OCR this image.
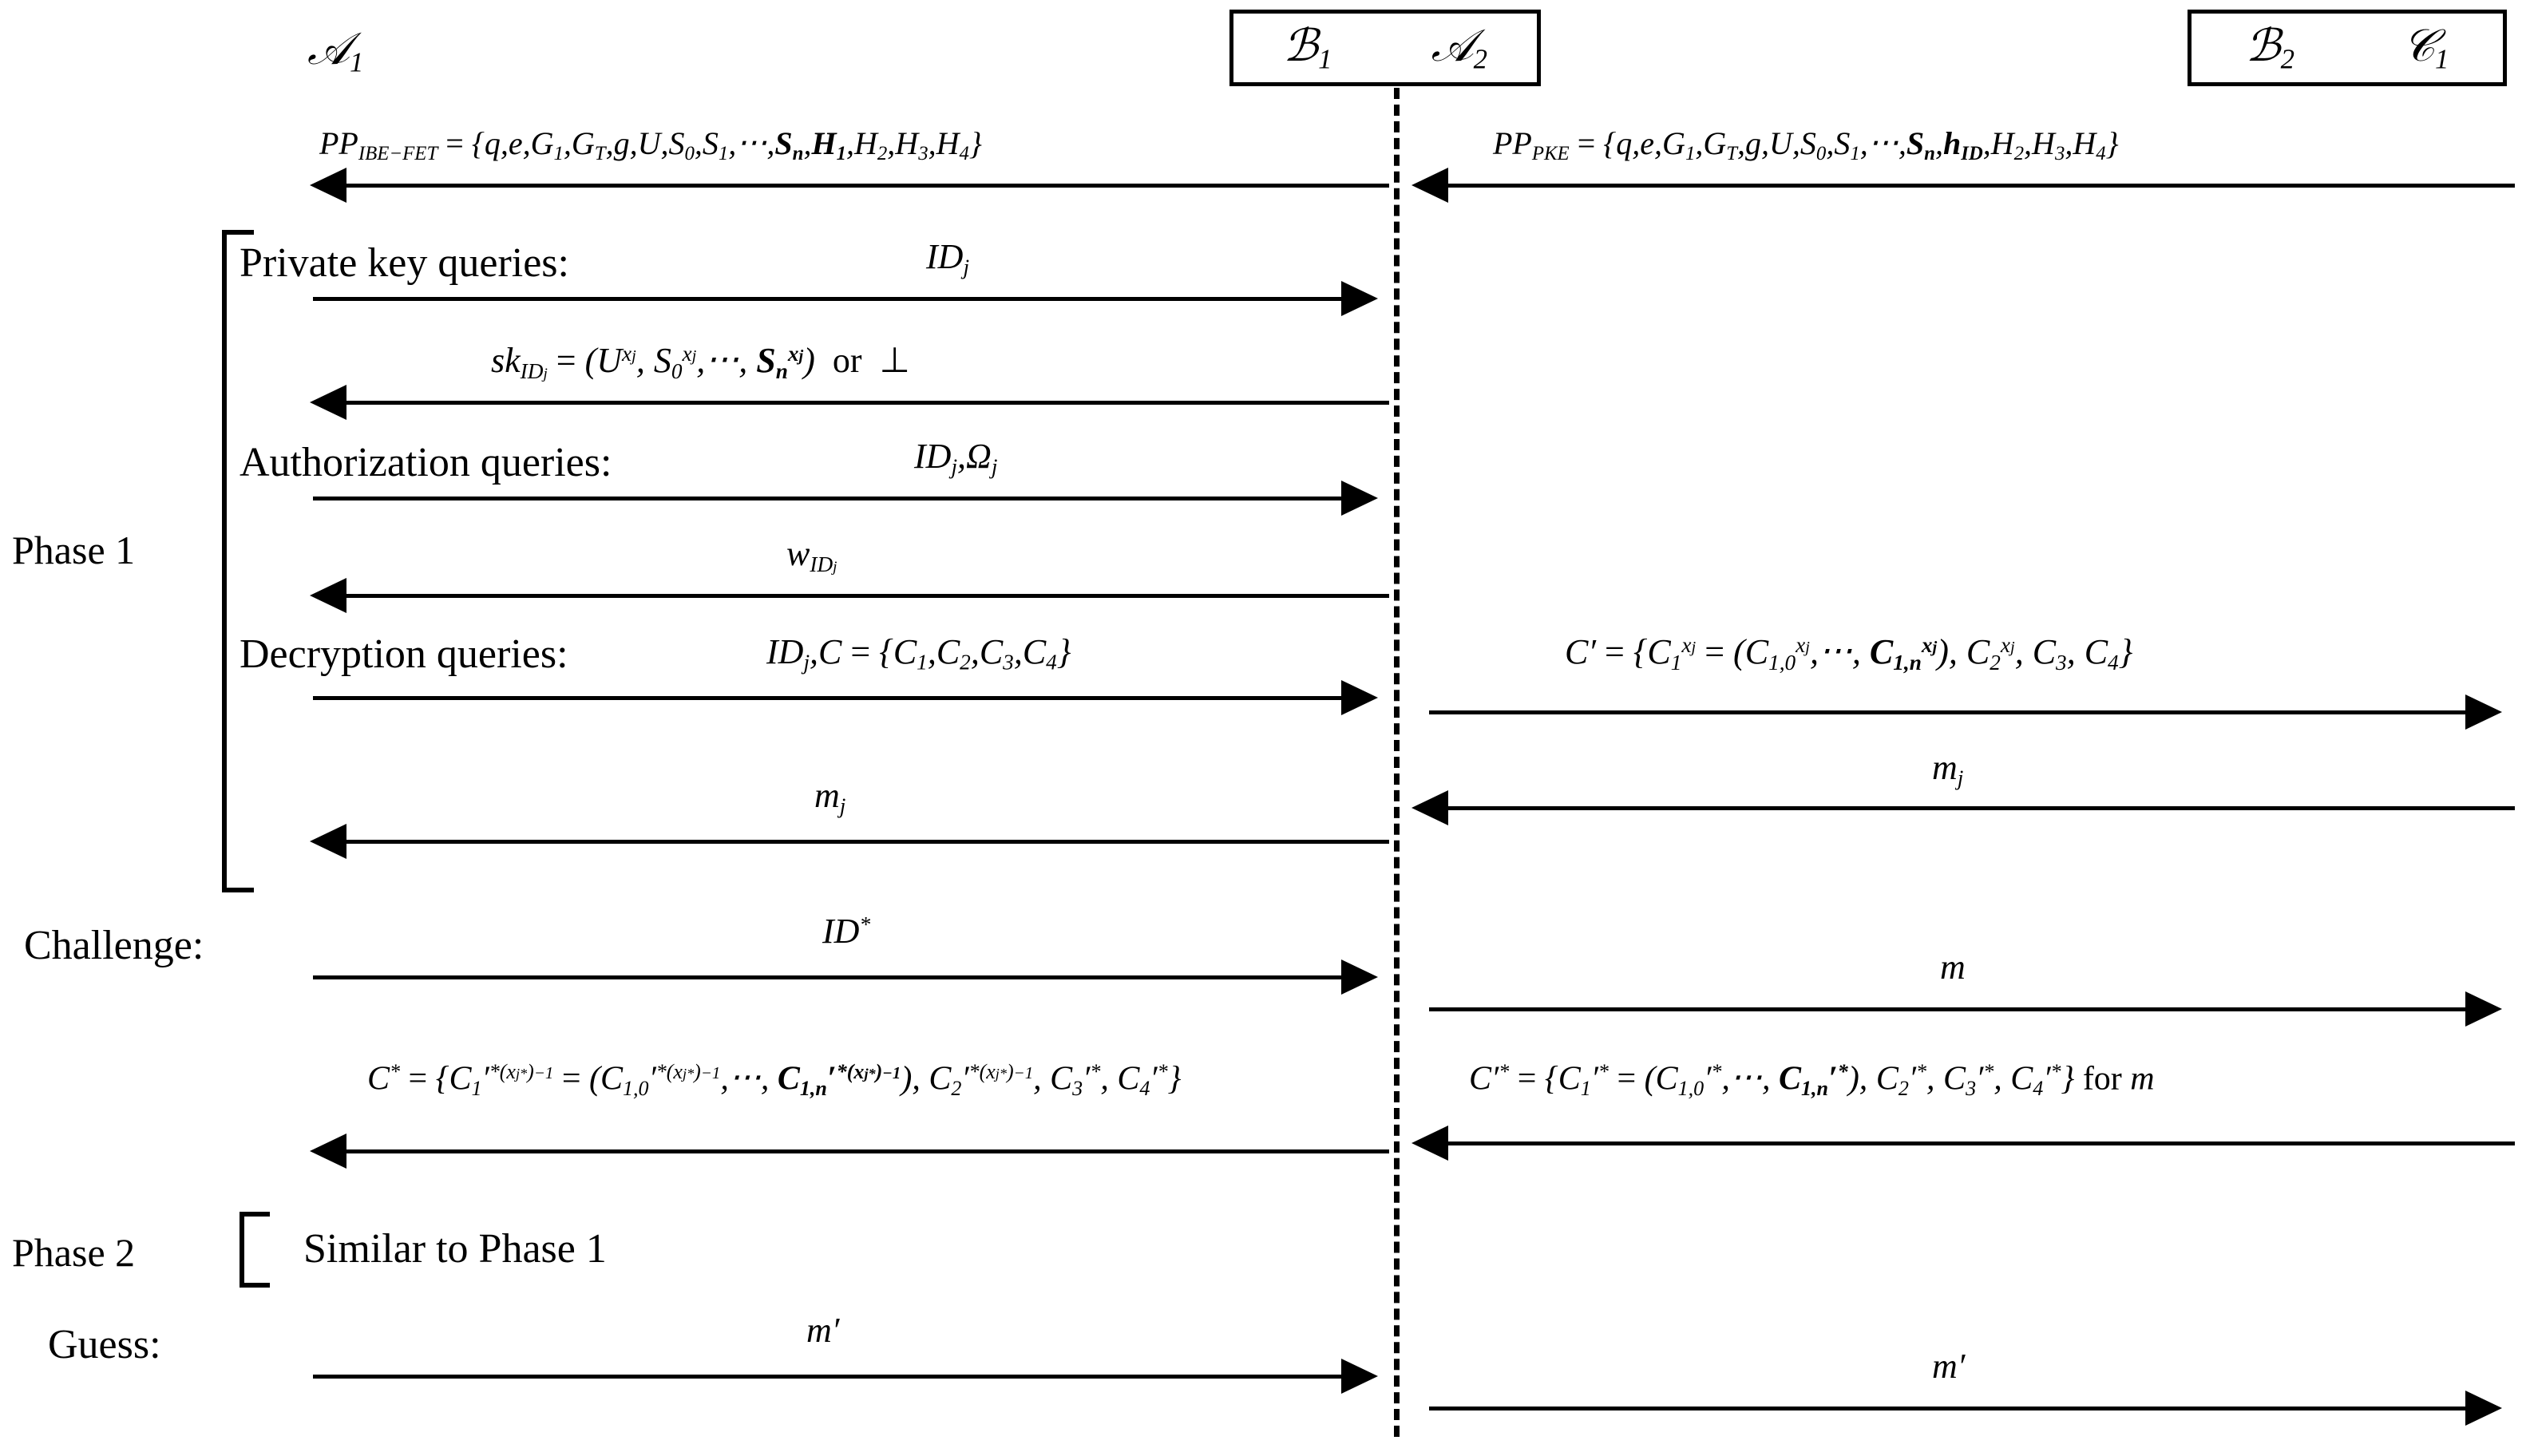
𝒜$_1$	ℬ$_1$ 𝒜$_2$	ℬ$_2$ 𝒞$_1$
$PP_{IBE-FET} = \{q,e,G_1,G_T,g,U,S_0,S_1,\cdot\cdot\cdot,S_n,H_1,H_2,H_3,H_4\}$	$PP_{PKE} = \{q,e,G_1,G_T,g,U,S_0,S_1,\cdot\cdot\cdot,S_n,h_{ID},H_2,H_3,H_4\}$
Phase 1
Private key queries:	$ID_j$
$sk_{IDj} = (U^{xj}$, $S_0^{xj},\cdot\cdot\cdot$, $S_n^{xj}$)  or  ⊥
Authorization queries:	$ID_j,\Omega_j$
$w_{IDj}$
Decryption queries:	$ID_j,C = \{C_1,C_2,C_3,C_4\}$	$C' = \{C_1^{xj} = (C_{1,0}^{xj},\cdot\cdot\cdot$, $C_{1,n}^{xj}$), $C_2^{xj}$, $C_3$, $C_4$}
$m_j$
$m_j$
Challenge:	ID*
m
$C^* = \{C_1'^{*(xj*)-1} = (C_{1,0}'^{*(xj*)-1},\cdot\cdot\cdot$, $C_{1,n}'^{*(xj*)-1}$), $C_2'^{*(xj*)-1}$, $C_3'^*$, $C_4'^*$}	$C'^* = \{C_1'^* = (C_{1,0}'^*,\cdot\cdot\cdot$, $C_{1,n}'^*$), $C_2'^*$, $C_3'^*$, $C_4'^*$} for m
Phase 2	Similar to Phase 1
Guess:	m′
m′
